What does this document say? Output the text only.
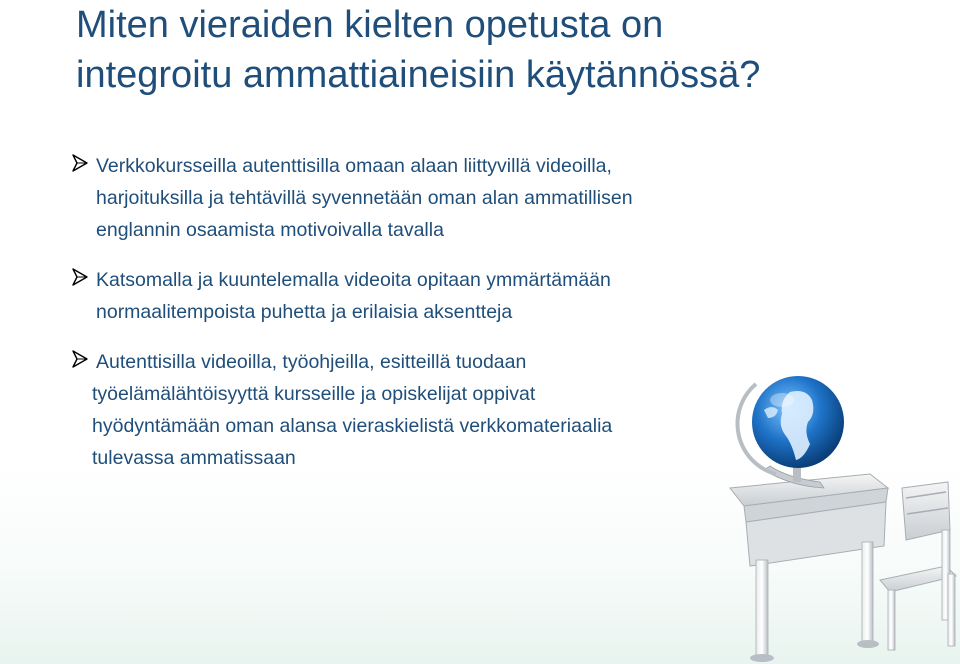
Miten vieraiden kielten opetusta on
integroitu ammattiaineisiin käytännössä?
Verkkokursseilla autenttisilla omaan alaan liittyvillä videoilla,
harjoituksilla ja tehtävillä syvennetään oman alan ammatillisen
englannin osaamista motivoivalla tavalla
Katsomalla ja kuuntelemalla videoita opitaan ymmärtämään
normaalitempoista puhetta ja erilaisia aksentteja
Autenttisilla videoilla, työohjeilla, esitteillä tuodaan
työelämälähtöisyyttä kursseille ja opiskelijat oppivat
hyödyntämään oman alansa vieraskielistä verkkomateriaalia
tulevassa ammatissaan
